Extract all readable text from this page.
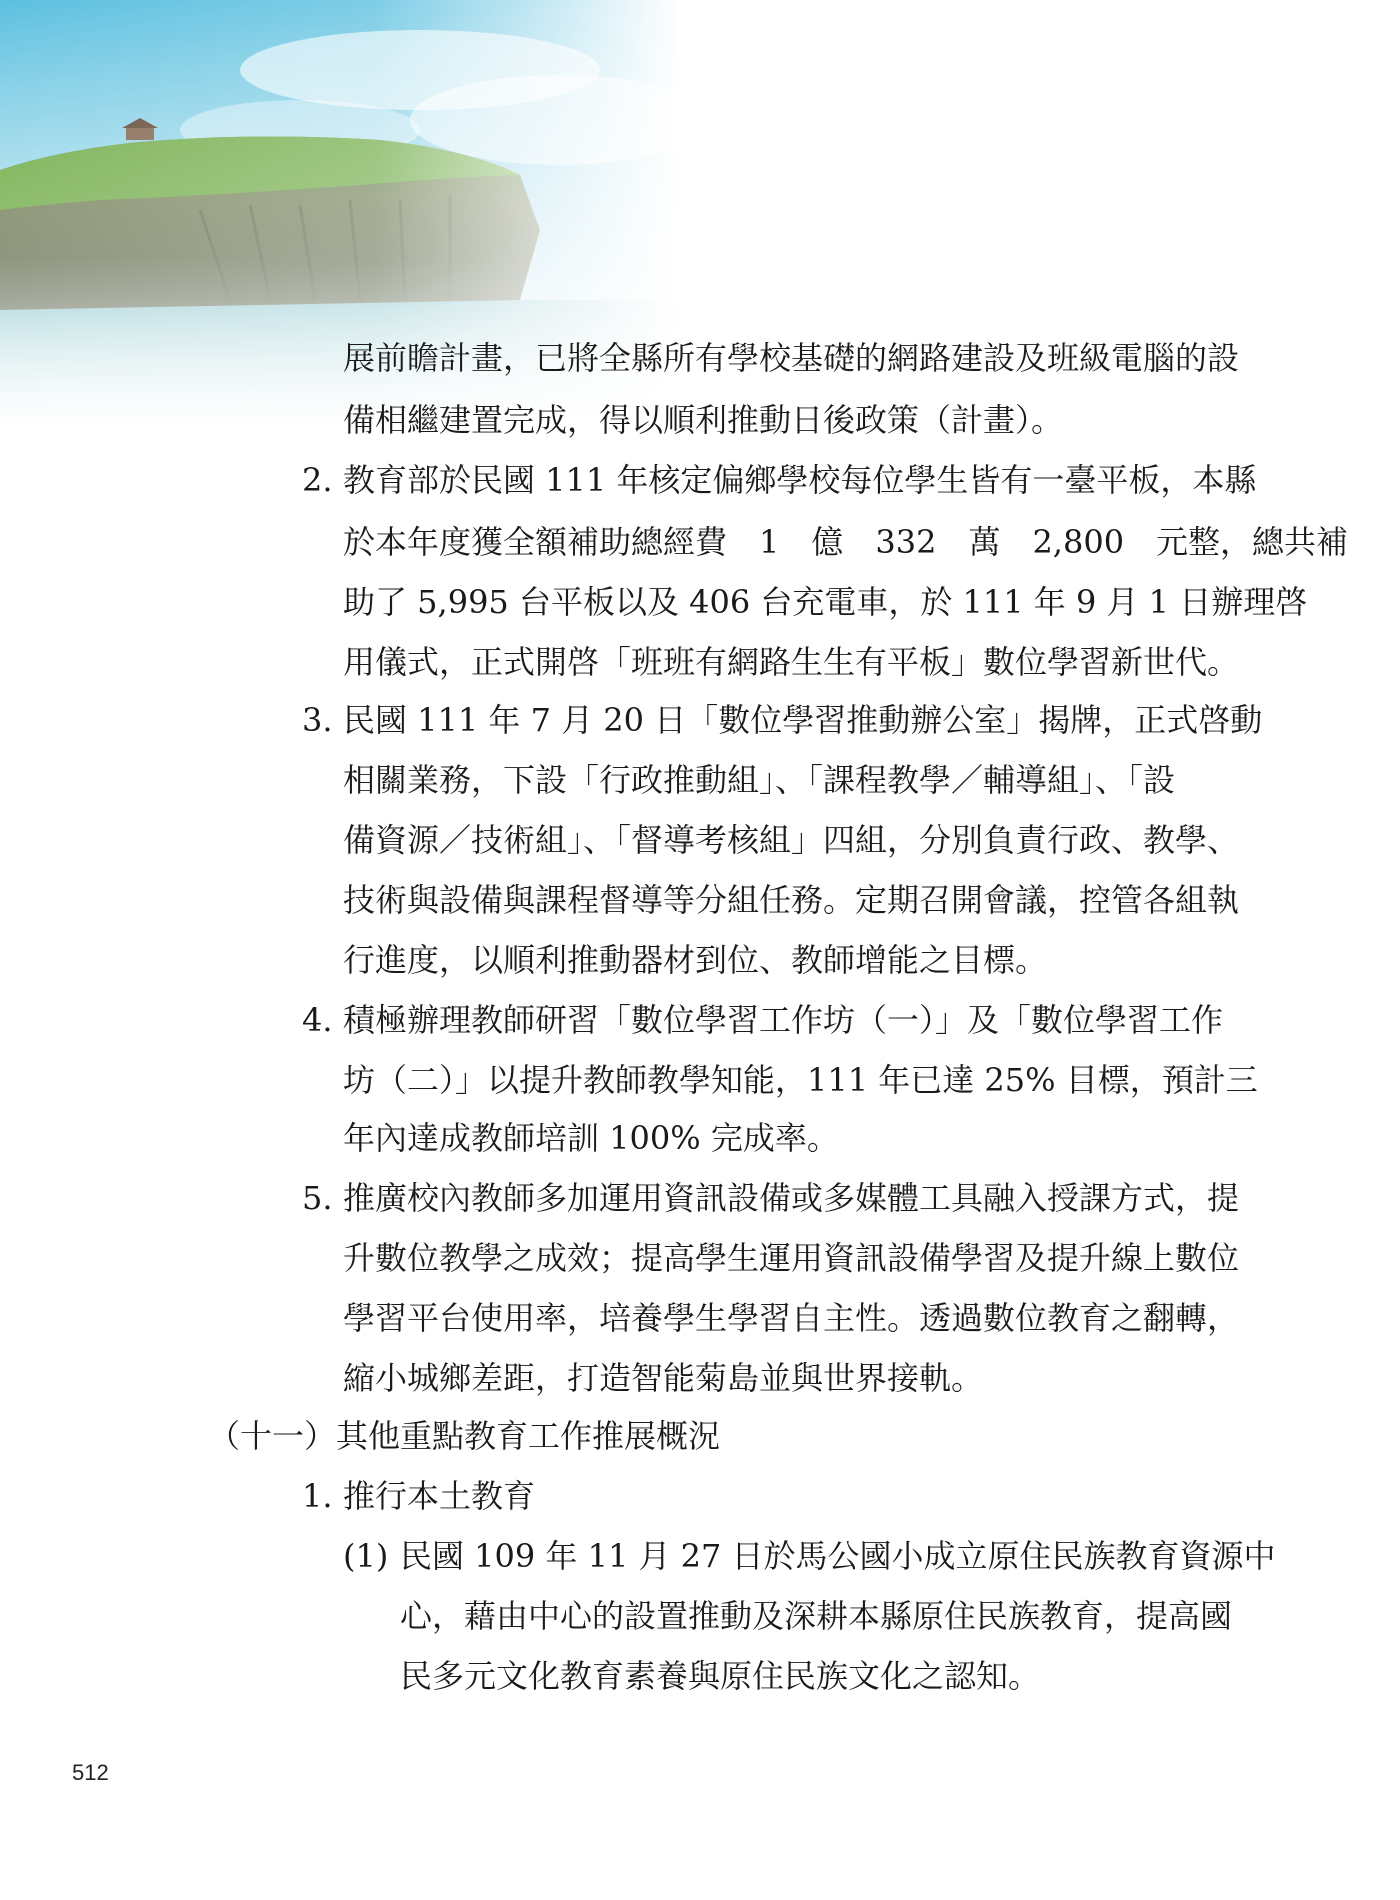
展前瞻計畫，已將全縣所有學校基礎的網路建設及班級電腦的設
備相繼建置完成，得以順利推動日後政策（計畫）。
2. 教育部於民國 111 年核定偏鄉學校每位學生皆有一臺平板，本縣
於本年度獲全額補助總經費　1　億　332　萬　2,800　元整，總共補
助了 5,995 台平板以及 406 台充電車，於 111 年 9 月 1 日辦理啓
用儀式，正式開啓「班班有網路生生有平板」數位學習新世代。
3. 民國 111 年 7 月 20 日「數位學習推動辦公室」揭牌，正式啓動
相關業務，下設「行政推動組」、「課程教學／輔導組」、「設
備資源／技術組」、「督導考核組」四組，分別負責行政、教學、
技術與設備與課程督導等分組任務。定期召開會議，控管各組執
行進度，以順利推動器材到位、教師增能之目標。
4. 積極辦理教師研習「數位學習工作坊（一）」及「數位學習工作
坊（二）」以提升教師教學知能，111 年已達 25% 目標，預計三
年內達成教師培訓 100% 完成率。
5. 推廣校內教師多加運用資訊設備或多媒體工具融入授課方式，提
升數位教學之成效；提高學生運用資訊設備學習及提升線上數位
學習平台使用率，培養學生學習自主性。透過數位教育之翻轉，
縮小城鄉差距，打造智能菊島並與世界接軌。
（十一）其他重點教育工作推展概況
1. 推行本土教育
(1) 民國 109 年 11 月 27 日於馬公國小成立原住民族教育資源中
心，藉由中心的設置推動及深耕本縣原住民族教育，提高國
民多元文化教育素養與原住民族文化之認知。
512
